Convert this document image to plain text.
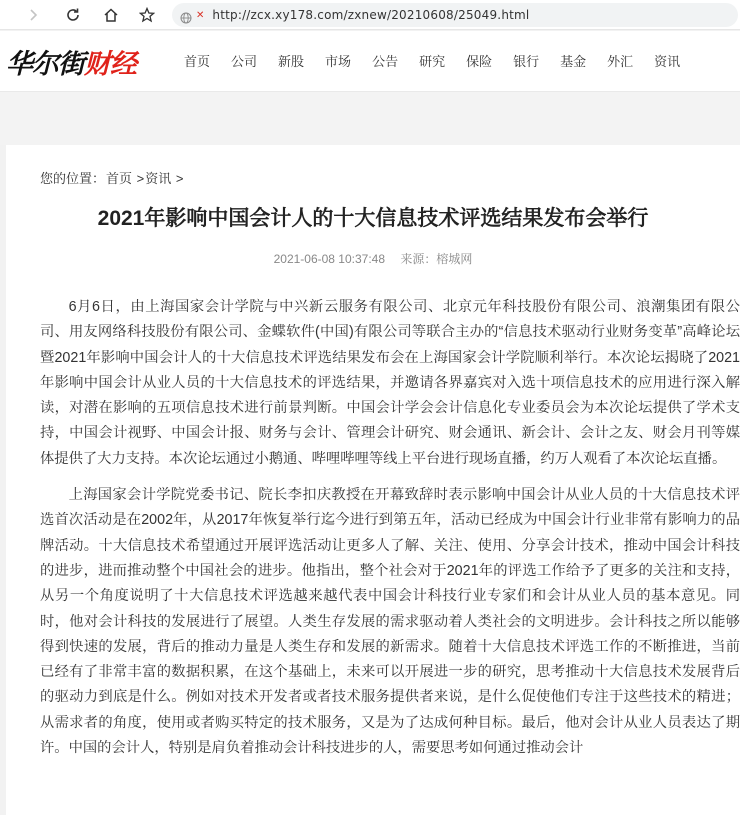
✕ http://zcx.xy178.com/zxnew/20210608/25049.html
华尔街 财经	首页 公司 新股 市场 公告 研究 保险 银行 基金 外汇 资讯
您的位置：首页 >资讯 >
2021年影响中国会计人的十大信息技术评选结果发布会举行
2021-06-08 10:37:48 来源：榕城网

6月6日，由上海国家会计学院与中兴新云服务有限公司、北京元年科技股份有限公司、浪潮集团有限公司、用友网络科技股份有限公司、金蝶软件(中国)有限公司等联合主办的“信息技术驱动行业财务变革”高峰论坛暨2021年影响中国会计人的十大信息技术评选结果发布会在上海国家会计学院顺利举行。本次论坛揭晓了2021年影响中国会计从业人员的十大信息技术的评选结果，并邀请各界嘉宾对入选十项信息技术的应用进行深入解读，对潜在影响的五项信息技术进行前景判断。中国会计学会会计信息化专业委员会为本次论坛提供了学术支持，中国会计视野、中国会计报、财务与会计、管理会计研究、财会通讯、新会计、会计之友、财会月刊等媒体提供了大力支持。本次论坛通过小鹅通、哔哩哔哩等线上平台进行现场直播，约万人观看了本次论坛直播。

上海国家会计学院党委书记、院长李扣庆教授在开幕致辞时表示影响中国会计从业人员的十大信息技术评选首次活动是在2002年，从2017年恢复举行迄今进行到第五年，活动已经成为中国会计行业非常有影响力的品牌活动。十大信息技术希望通过开展评选活动让更多人了解、关注、使用、分享会计技术，推动中国会计科技的进步，进而推动整个中国社会的进步。他指出，整个社会对于2021年的评选工作给予了更多的关注和支持，从另一个角度说明了十大信息技术评选越来越代表中国会计科技行业专家们和会计从业人员的基本意见。同时，他对会计科技的发展进行了展望。人类生存发展的需求驱动着人类社会的文明进步。会计科技之所以能够得到快速的发展，背后的推动力量是人类生存和发展的新需求。随着十大信息技术评选工作的不断推进，当前已经有了非常丰富的数据积累，在这个基础上，未来可以开展进一步的研究，思考推动十大信息技术发展背后的驱动力到底是什么。例如对技术开发者或者技术服务提供者来说，是什么促使他们专注于这些技术的精进；从需求者的角度，使用或者购买特定的技术服务，又是为了达成何种目标。最后，他对会计从业人员表达了期许。中国的会计人，特别是肩负着推动会计科技进步的人，需要思考如何通过推动会计
